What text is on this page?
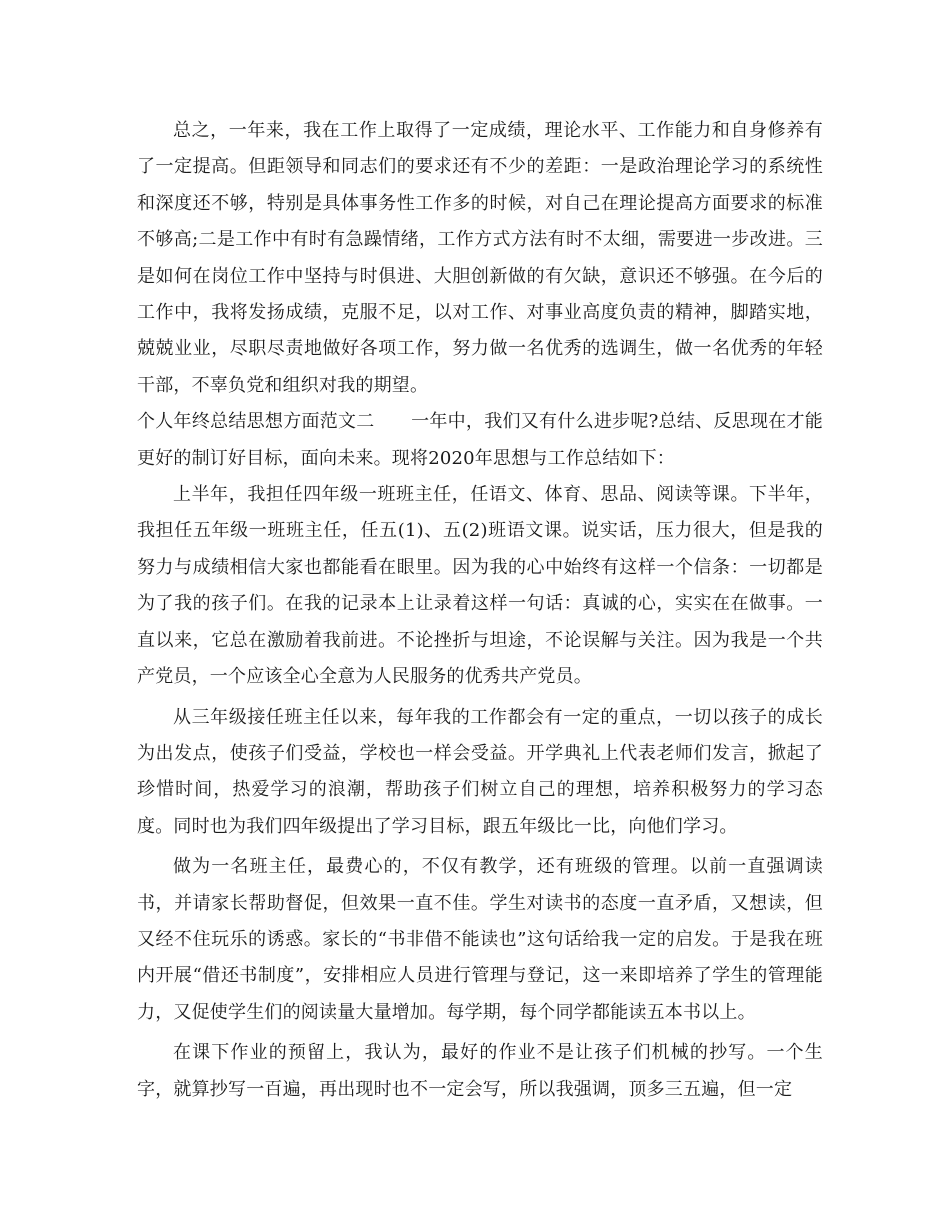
总之，一年来，我在工作上取得了一定成绩，理论水平、工作能力和自身修养有了一定提高。但距领导和同志们的要求还有不少的差距：一是政治理论学习的系统性和深度还不够，特别是具体事务性工作多的时候，对自己在理论提高方面要求的标准不够高;二是工作中有时有急躁情绪，工作方式方法有时不太细，需要进一步改进。三是如何在岗位工作中坚持与时俱进、大胆创新做的有欠缺，意识还不够强。在今后的工作中，我将发扬成绩，克服不足，以对工作、对事业高度负责的精神，脚踏实地，兢兢业业，尽职尽责地做好各项工作，努力做一名优秀的选调生，做一名优秀的年轻干部，不辜负党和组织对我的期望。

个人年终总结思想方面范文二　　一年中，我们又有什么进步呢?总结、反思现在才能更好的制订好目标，面向未来。现将2020年思想与工作总结如下：

上半年，我担任四年级一班班主任，任语文、体育、思品、阅读等课。下半年，我担任五年级一班班主任，任五(1)、五(2)班语文课。说实话，压力很大，但是我的努力与成绩相信大家也都能看在眼里。因为我的心中始终有这样一个信条：一切都是为了我的孩子们。在我的记录本上让录着这样一句话：真诚的心，实实在在做事。一直以来，它总在激励着我前进。不论挫折与坦途，不论误解与关注。因为我是一个共产党员，一个应该全心全意为人民服务的优秀共产党员。

从三年级接任班主任以来，每年我的工作都会有一定的重点，一切以孩子的成长为出发点，使孩子们受益，学校也一样会受益。开学典礼上代表老师们发言，掀起了珍惜时间，热爱学习的浪潮，帮助孩子们树立自己的理想，培养积极努力的学习态度。同时也为我们四年级提出了学习目标，跟五年级比一比，向他们学习。

做为一名班主任，最费心的，不仅有教学，还有班级的管理。以前一直强调读书，并请家长帮助督促，但效果一直不佳。学生对读书的态度一直矛盾，又想读，但又经不住玩乐的诱惑。家长的“书非借不能读也”这句话给我一定的启发。于是我在班内开展“借还书制度”，安排相应人员进行管理与登记，这一来即培养了学生的管理能力，又促使学生们的阅读量大量增加。每学期，每个同学都能读五本书以上。

在课下作业的预留上，我认为，最好的作业不是让孩子们机械的抄写。一个生字，就算抄写一百遍，再出现时也不一定会写，所以我强调，顶多三五遍，但一定
